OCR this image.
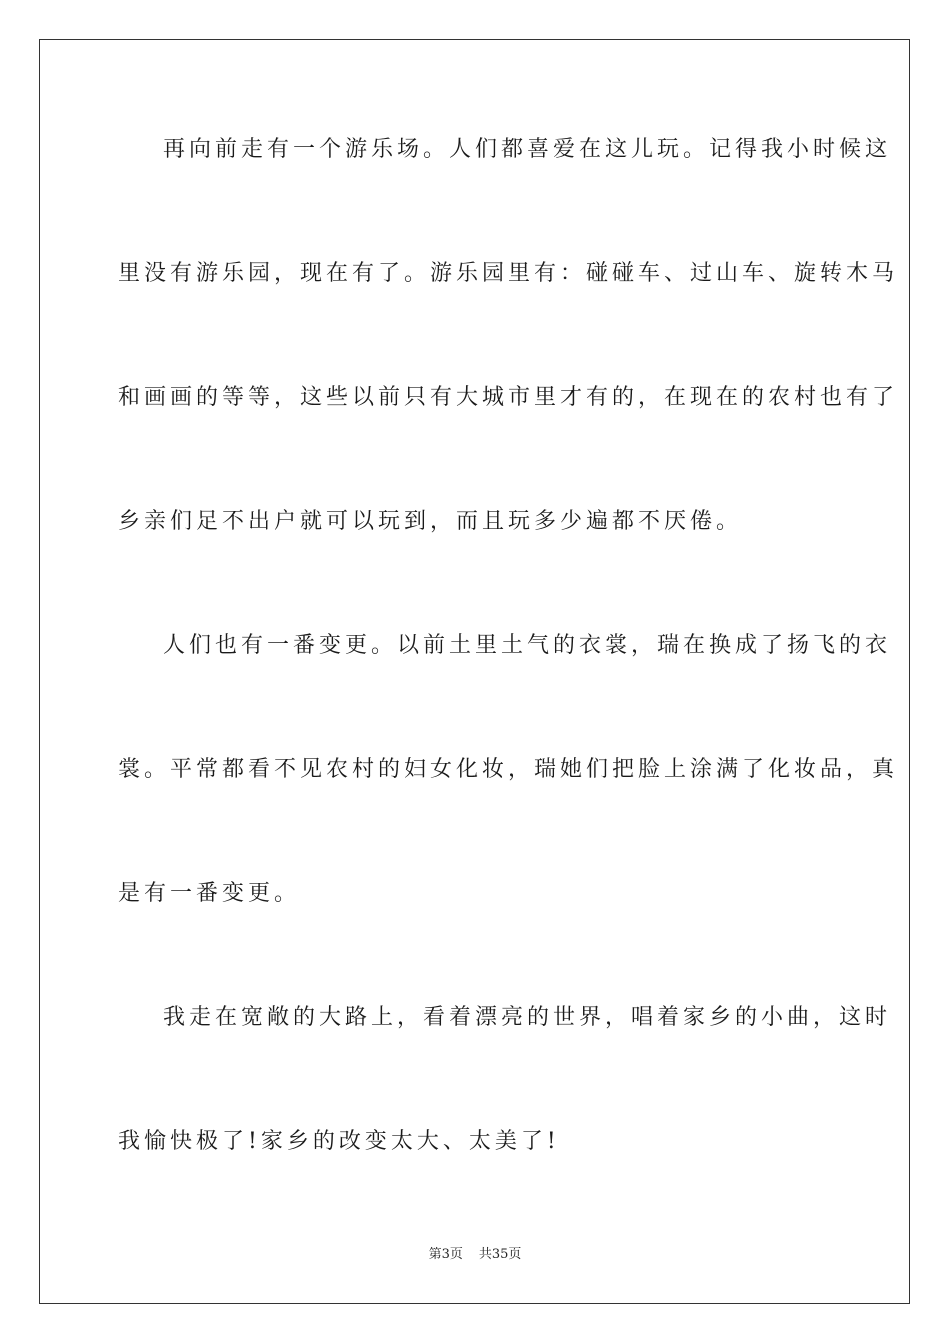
再向前走有一个游乐场。人们都喜爱在这儿玩。记得我小时候这
里没有游乐园，现在有了。游乐园里有：碰碰车、过山车、旋转木马
和画画的等等，这些以前只有大城市里才有的，在现在的农村也有了
乡亲们足不出户就可以玩到，而且玩多少遍都不厌倦。
人们也有一番变更。以前土里土气的衣裳，瑞在换成了扬飞的衣
裳。平常都看不见农村的妇女化妆，瑞她们把脸上涂满了化妆品，真
是有一番变更。
我走在宽敞的大路上，看着漂亮的世界，唱着家乡的小曲，这时
我愉快极了!家乡的改变太大、太美了!
第3页 共35页
